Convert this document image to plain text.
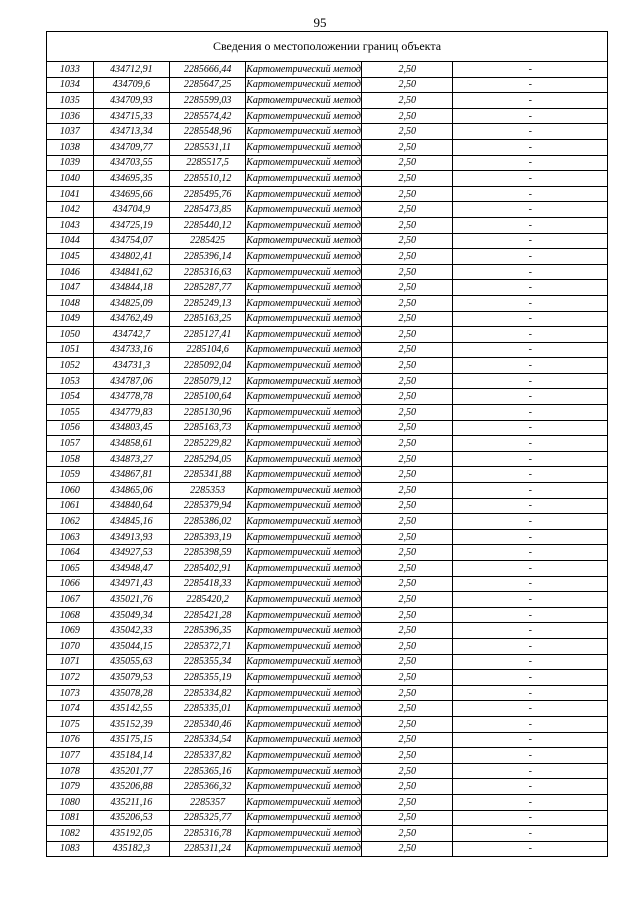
95
Сведения о местоположении границ объекта					
1033	434712,91	2285666,44	Картометрический метод	2,50	-
1034	434709,6	2285647,25	Картометрический метод	2,50	-
1035	434709,93	2285599,03	Картометрический метод	2,50	-
1036	434715,33	2285574,42	Картометрический метод	2,50	-
1037	434713,34	2285548,96	Картометрический метод	2,50	-
1038	434709,77	2285531,11	Картометрический метод	2,50	-
1039	434703,55	2285517,5	Картометрический метод	2,50	-
1040	434695,35	2285510,12	Картометрический метод	2,50	-
1041	434695,66	2285495,76	Картометрический метод	2,50	-
1042	434704,9	2285473,85	Картометрический метод	2,50	-
1043	434725,19	2285440,12	Картометрический метод	2,50	-
1044	434754,07	2285425	Картометрический метод	2,50	-
1045	434802,41	2285396,14	Картометрический метод	2,50	-
1046	434841,62	2285316,63	Картометрический метод	2,50	-
1047	434844,18	2285287,77	Картометрический метод	2,50	-
1048	434825,09	2285249,13	Картометрический метод	2,50	-
1049	434762,49	2285163,25	Картометрический метод	2,50	-
1050	434742,7	2285127,41	Картометрический метод	2,50	-
1051	434733,16	2285104,6	Картометрический метод	2,50	-
1052	434731,3	2285092,04	Картометрический метод	2,50	-
1053	434787,06	2285079,12	Картометрический метод	2,50	-
1054	434778,78	2285100,64	Картометрический метод	2,50	-
1055	434779,83	2285130,96	Картометрический метод	2,50	-
1056	434803,45	2285163,73	Картометрический метод	2,50	-
1057	434858,61	2285229,82	Картометрический метод	2,50	-
1058	434873,27	2285294,05	Картометрический метод	2,50	-
1059	434867,81	2285341,88	Картометрический метод	2,50	-
1060	434865,06	2285353	Картометрический метод	2,50	-
1061	434840,64	2285379,94	Картометрический метод	2,50	-
1062	434845,16	2285386,02	Картометрический метод	2,50	-
1063	434913,93	2285393,19	Картометрический метод	2,50	-
1064	434927,53	2285398,59	Картометрический метод	2,50	-
1065	434948,47	2285402,91	Картометрический метод	2,50	-
1066	434971,43	2285418,33	Картометрический метод	2,50	-
1067	435021,76	2285420,2	Картометрический метод	2,50	-
1068	435049,34	2285421,28	Картометрический метод	2,50	-
1069	435042,33	2285396,35	Картометрический метод	2,50	-
1070	435044,15	2285372,71	Картометрический метод	2,50	-
1071	435055,63	2285355,34	Картометрический метод	2,50	-
1072	435079,53	2285355,19	Картометрический метод	2,50	-
1073	435078,28	2285334,82	Картометрический метод	2,50	-
1074	435142,55	2285335,01	Картометрический метод	2,50	-
1075	435152,39	2285340,46	Картометрический метод	2,50	-
1076	435175,15	2285334,54	Картометрический метод	2,50	-
1077	435184,14	2285337,82	Картометрический метод	2,50	-
1078	435201,77	2285365,16	Картометрический метод	2,50	-
1079	435206,88	2285366,32	Картометрический метод	2,50	-
1080	435211,16	2285357	Картометрический метод	2,50	-
1081	435206,53	2285325,77	Картометрический метод	2,50	-
1082	435192,05	2285316,78	Картометрический метод	2,50	-
1083	435182,3	2285311,24	Картометрический метод	2,50	-
